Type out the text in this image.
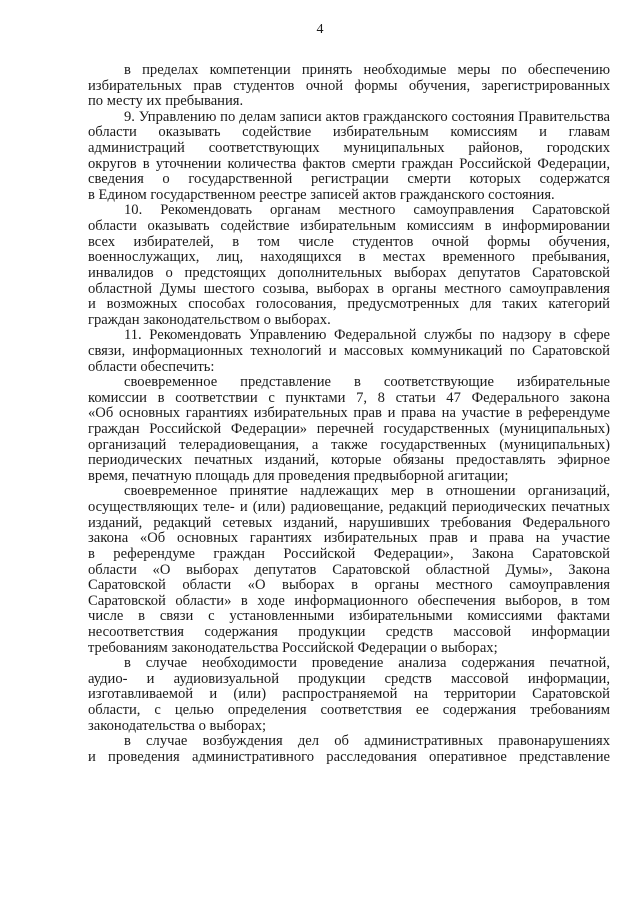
4
в пределах компетенции принять необходимые меры по обеспечению
избирательных прав студентов очной формы обучения, зарегистрированных
по месту их пребывания.
9. Управлению по делам записи актов гражданского состояния Правительства
области оказывать содействие избирательным комиссиям и главам
администраций соответствующих муниципальных районов, городских
округов в уточнении количества фактов смерти граждан Российской Федерации,
сведения о государственной регистрации смерти которых содержатся
в Едином государственном реестре записей актов гражданского состояния.
10. Рекомендовать органам местного самоуправления Саратовской
области оказывать содействие избирательным комиссиям в информировании
всех избирателей, в том числе студентов очной формы обучения,
военнослужащих, лиц, находящихся в местах временного пребывания,
инвалидов о предстоящих дополнительных выборах депутатов Саратовской
областной Думы шестого созыва, выборах в органы местного самоуправления
и возможных способах голосования, предусмотренных для таких категорий
граждан законодательством о выборах.
11. Рекомендовать Управлению Федеральной службы по надзору в сфере
связи, информационных технологий и массовых коммуникаций по Саратовской
области обеспечить:
своевременное представление в соответствующие избирательные
комиссии в соответствии с пунктами 7, 8 статьи 47 Федерального закона
«Об основных гарантиях избирательных прав и права на участие в референдуме
граждан Российской Федерации» перечней государственных (муниципальных)
организаций телерадиовещания, а также государственных (муниципальных)
периодических печатных изданий, которые обязаны предоставлять эфирное
время, печатную площадь для проведения предвыборной агитации;
своевременное принятие надлежащих мер в отношении организаций,
осуществляющих теле- и (или) радиовещание, редакций периодических печатных
изданий, редакций сетевых изданий, нарушивших требования Федерального
закона «Об основных гарантиях избирательных прав и права на участие
в референдуме граждан Российской Федерации», Закона Саратовской
области «О выборах депутатов Саратовской областной Думы», Закона
Саратовской области «О выборах в органы местного самоуправления
Саратовской области» в ходе информационного обеспечения выборов, в том
числе в связи с установленными избирательными комиссиями фактами
несоответствия содержания продукции средств массовой информации
требованиям законодательства Российской Федерации о выборах;
в случае необходимости проведение анализа содержания печатной,
аудио- и аудиовизуальной продукции средств массовой информации,
изготавливаемой и (или) распространяемой на территории Саратовской
области, с целью определения соответствия ее содержания требованиям
законодательства о выборах;
в случае возбуждения дел об административных правонарушениях
и проведения административного расследования оперативное представление
